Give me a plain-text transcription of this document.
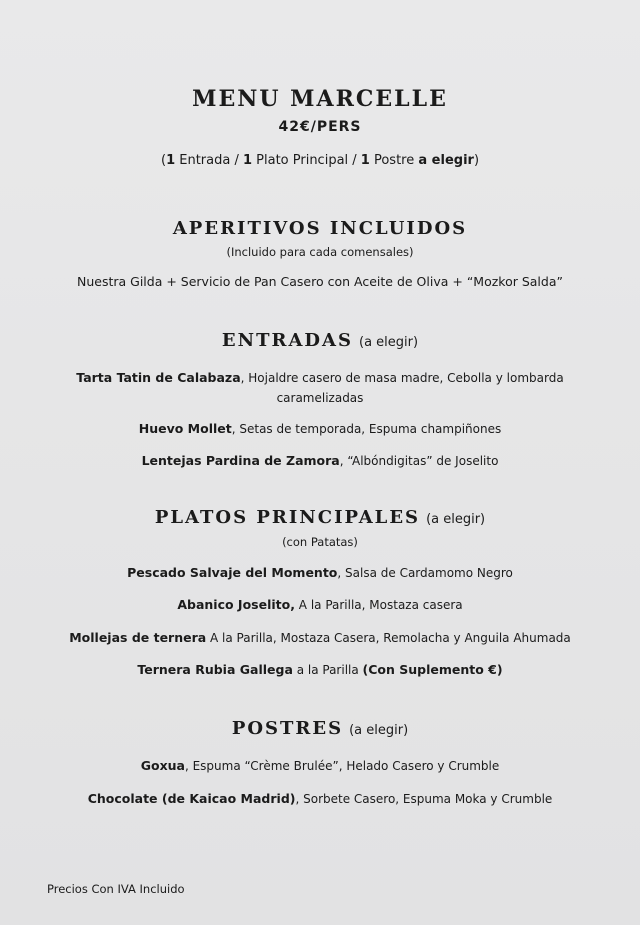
MENU MARCELLE
42€/PERS
(1 Entrada / 1 Plato Principal / 1 Postre a elegir)
APERITIVOS INCLUIDOS
(Incluido para cada comensales)
Nuestra Gilda + Servicio de Pan Casero con Aceite de Oliva + “Mozkor Salda”
ENTRADAS (a elegir)
Tarta Tatin de Calabaza, Hojaldre casero de masa madre, Cebolla y lombarda
caramelizadas
Huevo Mollet, Setas de temporada, Espuma champiñones
Lentejas Pardina de Zamora, “Albóndigitas” de Joselito
PLATOS PRINCIPALES (a elegir)
(con Patatas)
Pescado Salvaje del Momento, Salsa de Cardamomo Negro
Abanico Joselito, A la Parilla, Mostaza casera
Mollejas de ternera A la Parilla, Mostaza Casera, Remolacha y Anguila Ahumada
Ternera Rubia Gallega a la Parilla (Con Suplemento €)
POSTRES (a elegir)
Goxua, Espuma “Crème Brulée”, Helado Casero y Crumble
Chocolate (de Kaicao Madrid), Sorbete Casero, Espuma Moka y Crumble
Precios Con IVA Incluido
